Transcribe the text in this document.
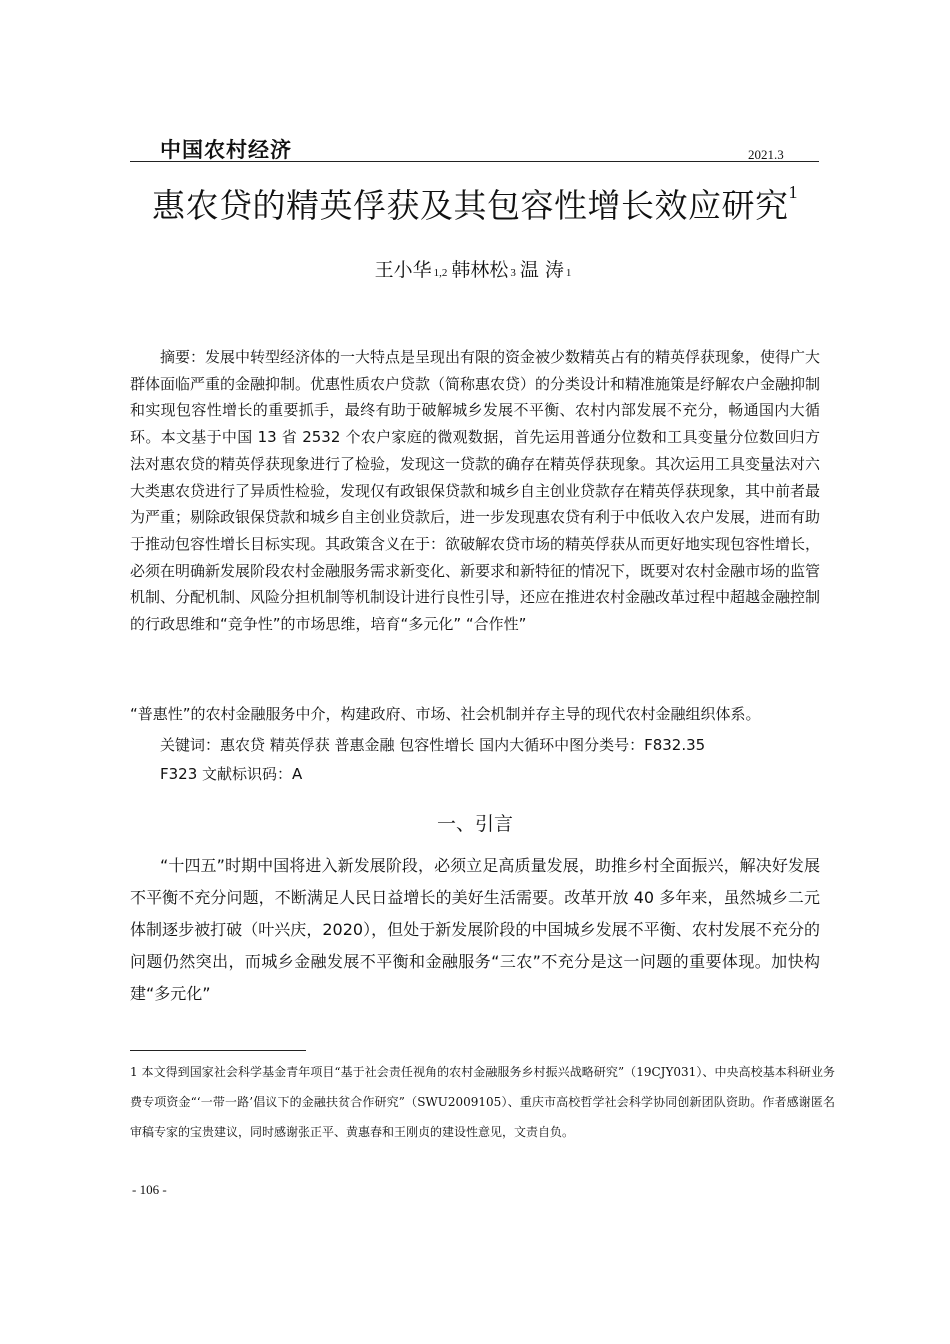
中国农村经济	2021.3
惠农贷的精英俘获及其包容性增长效应研究$^1$
王小华 1,2 韩林松 3 温 涛 1
摘要：发展中转型经济体的一大特点是呈现出有限的资金被少数精英占有的精英俘获现象，使得广大群体面临严重的金融抑制。优惠性质农户贷款（简称惠农贷）的分类设计和精准施策是纾解农户金融抑制和实现包容性增长的重要抓手，最终有助于破解城乡发展不平衡、农村内部发展不充分，畅通国内大循环。本文基于中国 13 省 2532 个农户家庭的微观数据，首先运用普通分位数和工具变量分位数回归方法对惠农贷的精英俘获现象进行了检验，发现这一贷款的确存在精英俘获现象。其次运用工具变量法对六大类惠农贷进行了异质性检验，发现仅有政银保贷款和城乡自主创业贷款存在精英俘获现象，其中前者最为严重；剔除政银保贷款和城乡自主创业贷款后，进一步发现惠农贷有利于中低收入农户发展，进而有助于推动包容性增长目标实现。其政策含义在于：欲破解农贷市场的精英俘获从而更好地实现包容性增长，必须在明确新发展阶段农村金融服务需求新变化、新要求和新特征的情况下，既要对农村金融市场的监管机制、分配机制、风险分担机制等机制设计进行良性引导，还应在推进农村金融改革过程中超越金融控制的行政思维和“竞争性”的市场思维，培育“多元化” “合作性”
“普惠性”的农村金融服务中介，构建政府、市场、社会机制并存主导的现代农村金融组织体系。
关键词：惠农贷 精英俘获 普惠金融 包容性增长 国内大循环中图分类号：F832.35
F323 文献标识码：A
一、引言
“十四五”时期中国将进入新发展阶段，必须立足高质量发展，助推乡村全面振兴，解决好发展不平衡不充分问题，不断满足人民日益增长的美好生活需要。改革开放 40 多年来，虽然城乡二元体制逐步被打破（叶兴庆，2020），但处于新发展阶段的中国城乡发展不平衡、农村发展不充分的问题仍然突出，而城乡金融发展不平衡和金融服务“三农”不充分是这一问题的重要体现。加快构建“多元化”
1 本文得到国家社会科学基金青年项目“基于社会责任视角的农村金融服务乡村振兴战略研究”（19CJY031）、中央高校基本科研业务费专项资金“‘一带一路’倡议下的金融扶贫合作研究”（SWU2009105）、重庆市高校哲学社会科学协同创新团队资助。作者感谢匿名审稿专家的宝贵建议，同时感谢张正平、黄惠春和王刚贞的建设性意见，文责自负。
- 106 -
